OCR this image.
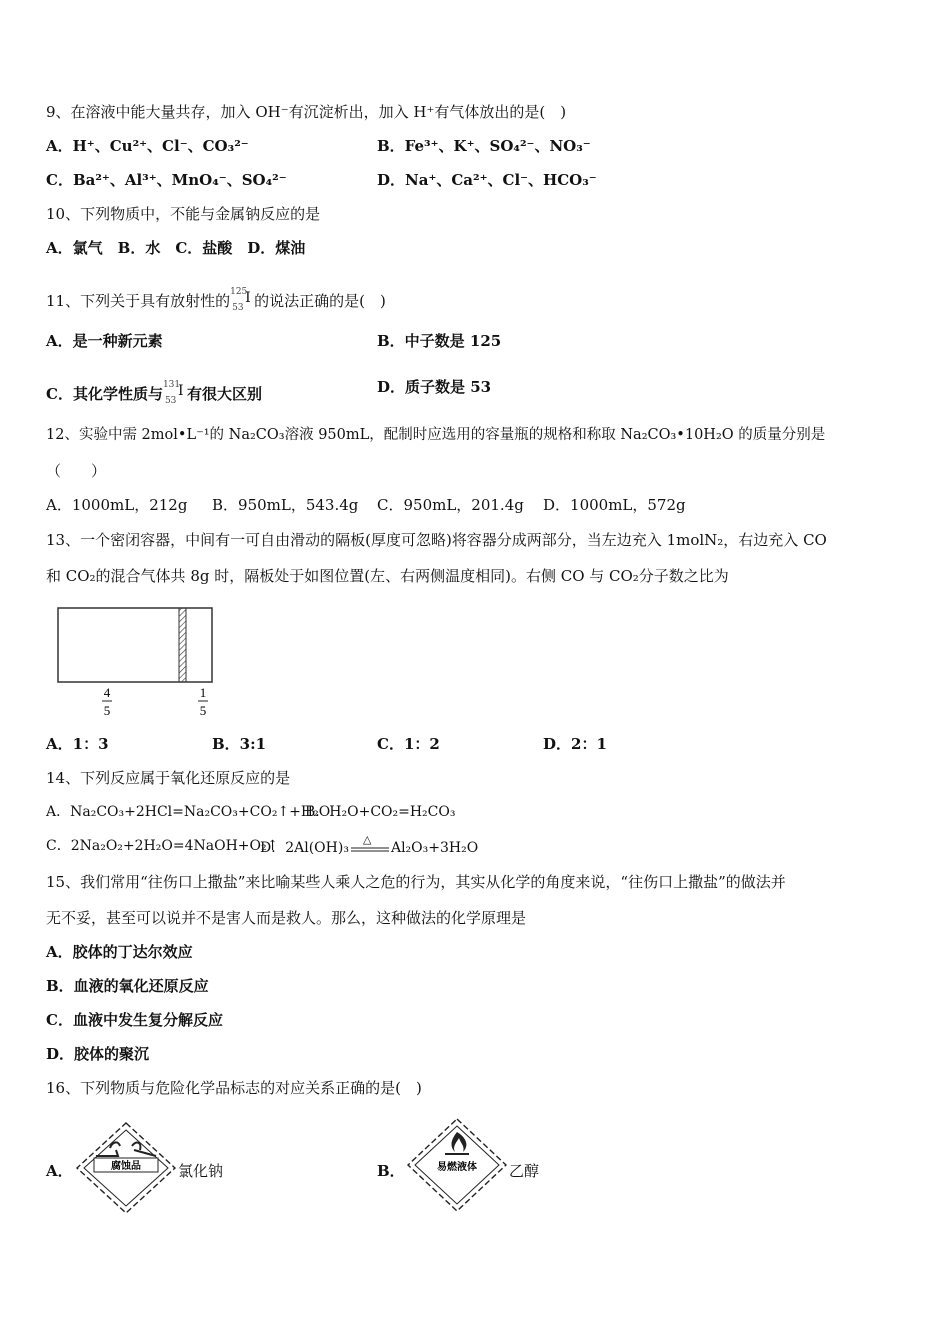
9、在溶液中能大量共存，加入 OH⁻有沉淀析出，加入 H⁺有气体放出的是(　)
A．H⁺、Cu²⁺、Cl⁻、CO₃²⁻	B．Fe³⁺、K⁺、SO₄²⁻、NO₃⁻
C．Ba²⁺、Al³⁺、MnO₄⁻、SO₄²⁻	D．Na⁺、Ca²⁺、Cl⁻、HCO₃⁻
10、下列物质中，不能与金属钠反应的是
A．氯气　B．水　C．盐酸　D．煤油
11、下列关于具有放射性的 125
53
I 的说法正确的是(　)
A．是一种新元素	B．中子数是 125
C．其化学性质与 131
53
I 有很大区别	D．质子数是 53
12、实验中需 2mol•L⁻¹的 Na₂CO₃溶液 950mL，配制时应选用的容量瓶的规格和称取 Na₂CO₃•10H₂O 的质量分别是
（　　）
A．1000mL，212g B．950mL，543.4g C．950mL，201.4g D．1000mL，572g
13、一个密闭容器，中间有一可自由滑动的隔板(厚度可忽略)将容器分成两部分，当左边充入 1molN₂，右边充入 CO
和 CO₂的混合气体共 8g 时，隔板处于如图位置(左、右两侧温度相同)。右侧 CO 与 CO₂分子数之比为
4
5
1
5
A．1：3	B．3:1	C．1：2	D．2：1
14、下列反应属于氧化还原反应的是
A．Na₂CO₃+2HCl=Na₂CO₃+CO₂↑+H₂O
B．H₂O+CO₂=H₂CO₃
C．2Na₂O₂+2H₂O=4NaOH+O₂↑
D．2Al(OH)₃
△
Al₂O₃+3H₂O
15、我们常用“往伤口上撒盐”来比喻某些人乘人之危的行为，其实从化学的角度来说，“往伤口上撒盐”的做法并
无不妥，甚至可以说并不是害人而是救人。那么，这种做法的化学原理是
A．胶体的丁达尔效应
B．血液的氧化还原反应
C．血液中发生复分解反应
D．胶体的聚沉
16、下列物质与危险化学品标志的对应关系正确的是(　)
A．	腐蚀品 氯化钠	B．	易燃液体 乙醇
